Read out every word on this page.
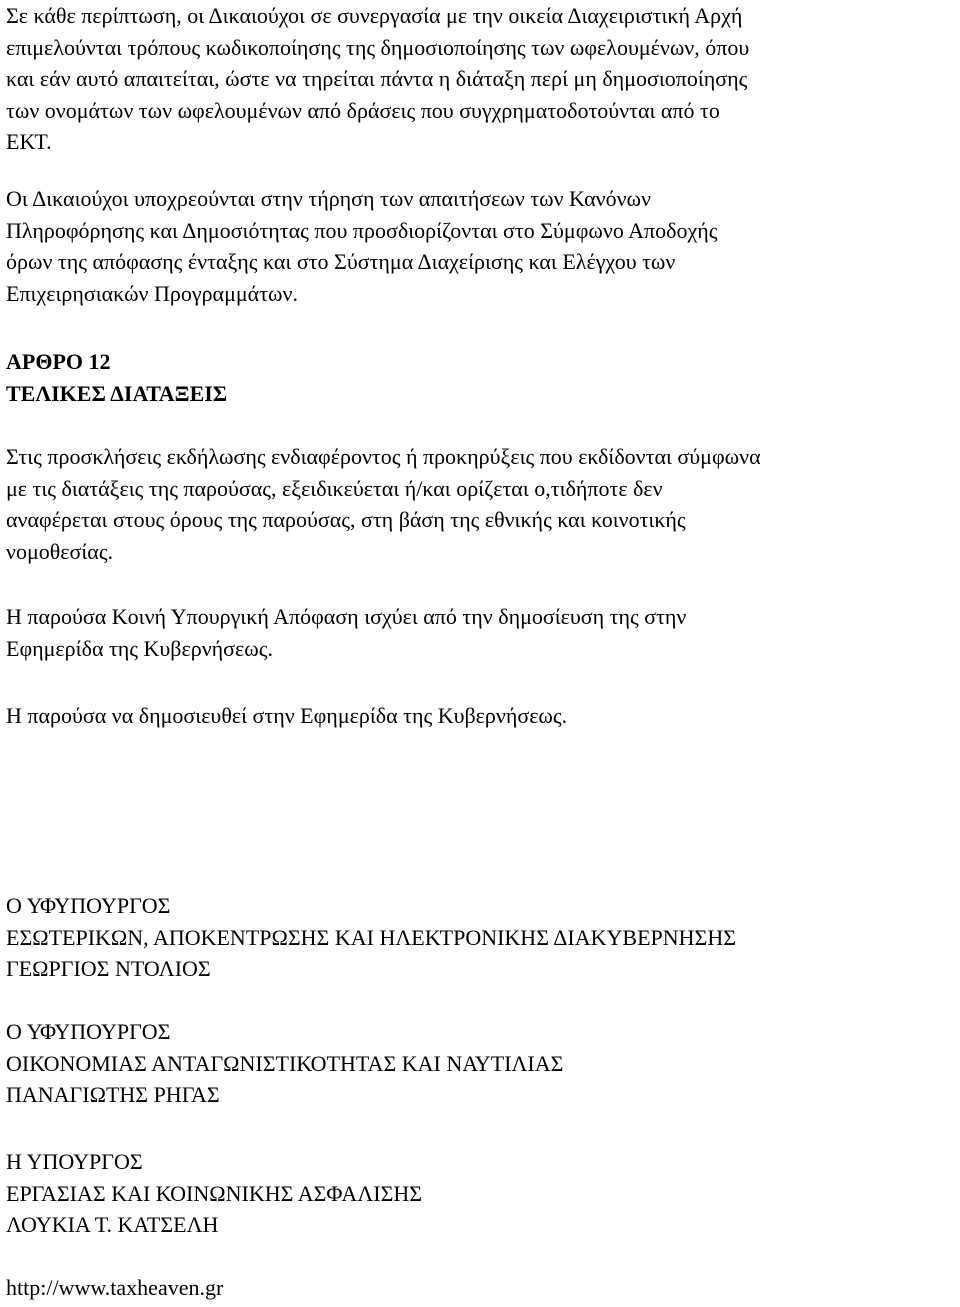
Σε κάθε περίπτωση, οι Δικαιούχοι σε συνεργασία με την οικεία Διαχειριστική Αρχή
επιμελούνται τρόπους κωδικοποίησης της δημοσιοποίησης των ωφελουμένων, όπου
και εάν αυτό απαιτείται, ώστε να τηρείται πάντα η διάταξη περί μη δημοσιοποίησης
των ονομάτων των ωφελουμένων από δράσεις που συγχρηματοδοτούνται από το
ΕΚΤ.

Οι Δικαιούχοι υποχρεούνται στην τήρηση των απαιτήσεων των Κανόνων
Πληροφόρησης και Δημοσιότητας που προσδιορίζονται στο Σύμφωνο Αποδοχής
όρων της απόφασης ένταξης και στο Σύστημα Διαχείρισης και Ελέγχου των
Επιχειρησιακών Προγραμμάτων.

ΑΡΘΡΟ 12
ΤΕΛΙΚΕΣ ΔΙΑΤΑΞΕΙΣ

Στις προσκλήσεις εκδήλωσης ενδιαφέροντος ή προκηρύξεις που εκδίδονται σύμφωνα
με τις διατάξεις της παρούσας, εξειδικεύεται ή/και ορίζεται ο,τιδήποτε δεν
αναφέρεται στους όρους της παρούσας, στη βάση της εθνικής και κοινοτικής
νομοθεσίας.

Η παρούσα Κοινή Υπουργική Απόφαση ισχύει από την δημοσίευση της στην
Εφημερίδα της Κυβερνήσεως.

Η παρούσα να δημοσιευθεί στην Εφημερίδα της Κυβερνήσεως.

Ο ΥΦΥΠΟΥΡΓΟΣ
ΕΣΩΤΕΡΙΚΩΝ, ΑΠΟΚΕΝΤΡΩΣΗΣ ΚΑΙ ΗΛΕΚΤΡΟΝΙΚΗΣ ΔΙΑΚΥΒΕΡΝΗΣΗΣ
ΓΕΩΡΓΙΟΣ ΝΤΟΛΙΟΣ
Ο ΥΦΥΠΟΥΡΓΟΣ
ΟΙΚΟΝΟΜΙΑΣ ΑΝΤΑΓΩΝΙΣΤΙΚΟΤΗΤΑΣ ΚΑΙ ΝΑΥΤΙΛΙΑΣ
ΠΑΝΑΓΙΩΤΗΣ ΡΗΓΑΣ
Η ΥΠΟΥΡΓΟΣ
ΕΡΓΑΣΙΑΣ ΚΑΙ ΚΟΙΝΩΝΙΚΗΣ ΑΣΦΑΛΙΣΗΣ
ΛΟΥΚΙΑ Τ. ΚΑΤΣΕΛΗ
http://www.taxheaven.gr
